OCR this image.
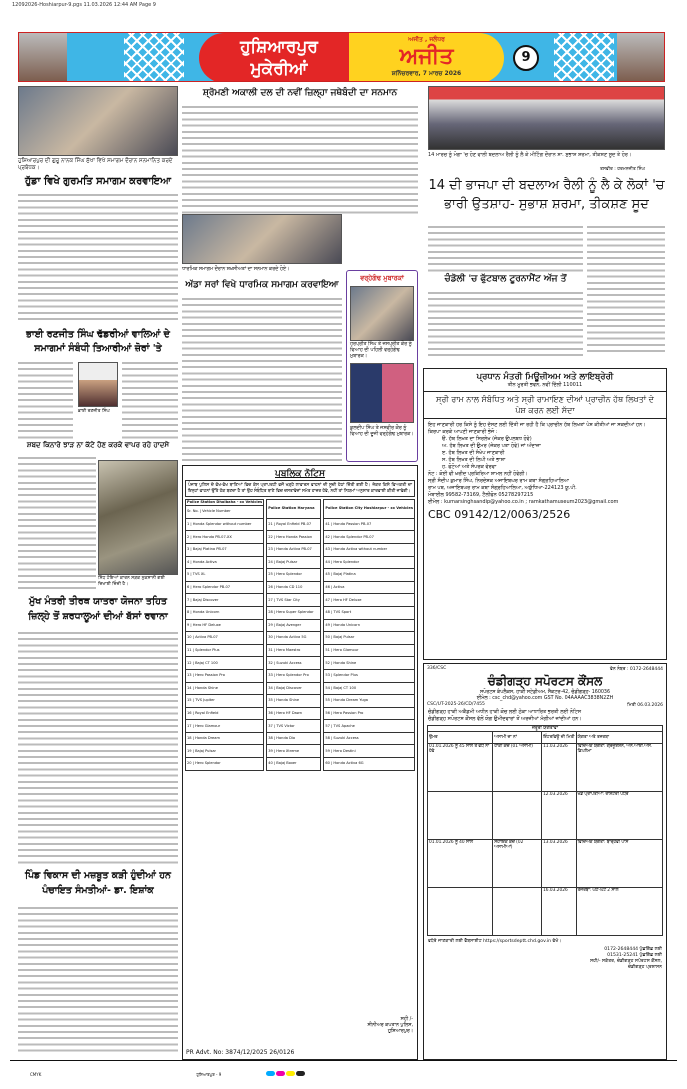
12092026-Hoshiarpur-9.pgs 11.03.2026 12:44 AM Page 9
ਹੁਸ਼ਿਆਰਪੁਰ
ਮੁਕੇਰੀਆਂ
ਅਜੀਤ , ਜਲੰਧਰ
ਅਜੀਤ
ਸ਼ਨਿੱਚਰਵਾਰ, 7 ਮਾਰਚ 2026
9
ਹੁਸ਼ਿਆਰਪੁਰ ਦੀ ਗੁਰੂ ਨਾਨਕ ਸਿੰਘ ਸੁੱਖਾ ਵਿਖੇ ਸਮਾਗਮ ਦੌਰਾਨ ਸਨਮਾਨਿਤ ਕਰਦੇ ਪ੍ਰਬੰਧਕ।
ਹੁੱਡਾ ਵਿਖੇ ਗੁਰਮਤਿ ਸਮਾਗਮ ਕਰਵਾਇਆ
ਭਾਈ ਰਣਜੀਤ ਸਿੰਘ ਢੱਡਰੀਆਂ ਵਾਲਿਆਂ ਦੇ ਸਮਾਗਮਾਂ ਸੰਬੰਧੀ ਤਿਆਰੀਆਂ ਜ਼ੋਰਾਂ 'ਤੇ
ਭਾਈ ਰਣਜੀਤ ਸਿੰਘ
ਸ਼ਬਦ ਕਿਨਾਰੇ ਝਾੜ ਨਾ ਕੱਟੇ ਹੋਣ ਕਰਕੇ ਵਾਪਰ ਰਹੇ ਹਾਦਸੇ
ਸਿੱਧ ਟੋਇਆਂ ਕਾਰਨ ਸੜਕ ਨੁਕਸਾਨੀ ਗਈ ਦਿਖਾਈ ਦਿੰਦੀ ਹੈ।
ਮੁੱਖ ਮੰਤਰੀ ਤੀਰਥ ਯਾਤਰਾ ਯੋਜਨਾ ਤਹਿਤ ਜ਼ਿਲ੍ਹੇ ਤੋਂ ਸ਼ਰਧਾਲੂਆਂ ਦੀਆਂ ਬੱਸਾਂ ਰਵਾਨਾ
ਪਿੰਡ ਵਿਕਾਸ ਦੀ ਮਜ਼ਬੂਤ ਕੜੀ ਹੁੰਦੀਆਂ ਹਨ ਪੰਚਾਇਤ ਸੰਮਤੀਆਂ- ਡਾ. ਇਸ਼ਾਂਕ
ਸ਼੍ਰੋਮਣੀ ਅਕਾਲੀ ਦਲ ਦੀ ਨਵੀਂ ਜ਼ਿਲ੍ਹਾ ਜਥੇਬੰਦੀ ਦਾ ਸਨਮਾਨ
ਧਾਰਮਿਕ ਸਮਾਗਮ ਦੌਰਾਨ ਸ਼ਖ਼ਸੀਅਤਾਂ ਦਾ ਸਨਮਾਨ ਕਰਦੇ ਹੋਏ।
ਅੱਡਾ ਸਰਾਂ ਵਿਖੇ ਧਾਰਮਿਕ ਸਮਾਗਮ ਕਰਵਾਇਆ
ਵਰ੍ਹੇਗੰਢ ਮੁਬਾਰਕਾਂ
ਹਰਪ੍ਰੀਤ ਸਿੰਘ ਤੇ ਜਸਪ੍ਰੀਤ ਕੌਰ ਨੂੰ ਵਿਆਹ ਦੀ ਪਹਿਲੀ ਵਰ੍ਹੇਗੰਢ ਮੁਬਾਰਕ।
ਕੁਲਦੀਪ ਸਿੰਘ ਤੇ ਜਸਵੀਰ ਕੌਰ ਨੂੰ ਵਿਆਹ ਦੀ ਦੂਜੀ ਵਰ੍ਹੇਗੰਢ ਮੁਬਾਰਕ।
ਪਬਲਿਕ ਨੋਟਿਸ
ਪੰਜਾਬ ਪੁਲਿਸ ਦੇ ਵੱਖ-ਵੱਖ ਥਾਣਿਆਂ ਵਿਚ ਕੇਸ ਪ੍ਰਾਪਰਟੀ ਵਜੋਂ ਖੜ੍ਹੇ ਲਾਵਾਰਸ ਵਾਹਨਾਂ ਦੀ ਸੂਚੀ ਹੇਠਾਂ ਦਿੱਤੀ ਗਈ ਹੈ। ਜੇਕਰ ਕਿਸੇ ਵਿਅਕਤੀ ਦਾ ਇਨ੍ਹਾਂ ਵਾਹਨਾਂ ਉੱਤੇ ਹੱਕ ਬਣਦਾ ਹੈ ਤਾਂ ਉਹ ਸੰਬੰਧਿਤ ਥਾਣੇ ਵਿਚ ਦਸਤਾਵੇਜ਼ਾਂ ਸਮੇਤ ਹਾਜ਼ਰ ਹੋਵੇ, ਨਹੀਂ ਤਾਂ ਨਿਯਮਾਂ ਅਨੁਸਾਰ ਕਾਰਵਾਈ ਕੀਤੀ ਜਾਵੇਗੀ।
Police Station Dholbaha - xx Vehicles
Sr. No. | Vehicle Number
1 | Honda Splendor without number
2 | Hero Honda PB-07-XX
3 | Bajaj Platina PB-07
4 | Honda Activa
5 | TVS XL
6 | Hero Splendor PB-07
7 | Bajaj Discover
8 | Honda Unicorn
9 | Hero HF Deluxe
10 | Activa PB-07
11 | Splendor Plus
12 | Bajaj CT 100
13 | Hero Passion Pro
14 | Honda Shine
15 | TVS Jupiter
16 | Royal Enfield
17 | Hero Glamour
18 | Honda Dream
19 | Bajaj Pulsar
20 | Hero Splendor
Police Station Haryana
21 | Royal Enfield PB-07
22 | Hero Honda Passion
23 | Honda Activa PB-07
24 | Bajaj Pulsar
25 | Hero Splendor
26 | Honda CD 110
27 | TVS Star City
28 | Hero Super Splendor
29 | Bajaj Avenger
30 | Honda Activa 5G
31 | Hero Maestro
32 | Suzuki Access
33 | Hero Splendor Pro
34 | Bajaj Discover
35 | Honda Shine
36 | Hero HF Dawn
37 | TVS Victor
38 | Honda Dio
39 | Hero Xtreme
40 | Bajaj Boxer
Police Station City Hoshiarpur - xx Vehicles
41 | Honda Passion PB-07
42 | Honda Splendor PB-07
43 | Honda Activa without number
44 | Hero Splendor
45 | Bajaj Platina
46 | Activa
47 | Hero HF Deluxe
48 | TVS Sport
49 | Honda Unicorn
50 | Bajaj Pulsar
51 | Hero Glamour
52 | Honda Shine
53 | Splendor Plus
54 | Bajaj CT 100
55 | Honda Dream Yuga
56 | Hero Passion Pro
57 | TVS Apache
58 | Suzuki Access
59 | Hero Destini
60 | Honda Activa 6G
ਸਹੀ /-
ਸੀਨੀਅਰ ਕਪਤਾਨ ਪੁਲਿਸ,
ਹੁਸ਼ਿਆਰਪੁਰ।
PR Advt. No: 3874/12/2025 26/0126
14 ਮਾਰਚ ਨੂੰ ਮੋਗਾ 'ਚ ਹੋਣ ਵਾਲੀ ਬਦਲਾਅ ਰੈਲੀ ਨੂੰ ਲੈ ਕੇ ਮੀਟਿੰਗ ਦੌਰਾਨ ਸ਼ਾ. ਸੁਭਾਸ਼ ਸ਼ਰਮਾ, ਤੀਕਸ਼ਣ ਸੂਦ ਤੇ ਹੋਰ।
ਤਸਵੀਰ : ਹਰਮਨਜੀਤ ਸਿੰਘ
14 ਦੀ ਭਾਜਪਾ ਦੀ ਬਦਲਾਅ ਰੈਲੀ ਨੂੰ ਲੈ ਕੇ ਲੋਕਾਂ 'ਚ ਭਾਰੀ ਉਤਸ਼ਾਹ- ਸੁਭਾਸ਼ ਸ਼ਰਮਾ, ਤੀਕਸ਼ਣ ਸੂਦ
ਚੰਡੋਲੀ 'ਚ ਫੁੱਟਬਾਲ ਟੂਰਨਾਮੈਂਟ ਅੱਜ ਤੋਂ
ਪ੍ਰਧਾਨ ਮੰਤਰੀ ਮਿਊਜ਼ੀਅਮ ਅਤੇ ਲਾਇਬ੍ਰੇਰੀ
ਤੀਨ ਮੂਰਤੀ ਭਵਨ, ਨਵੀਂ ਦਿੱਲੀ 110011
ਸ੍ਰੀ ਰਾਮ ਨਾਲ ਸੰਬੰਧਿਤ ਅਤੇ ਸ੍ਰੀ ਰਾਮਾਇਣ ਦੀਆਂ ਪ੍ਰਾਚੀਨ ਹੱਥ ਲਿਖਤਾਂ ਦੇ ਪੇਸ਼ ਕਰਨ ਲਈ ਸੱਦਾ
ਇਹ ਜਾਣਕਾਰੀ ਹਰ ਕਿਸੇ ਨੂੰ ਇਹ ਦੱਸਣ ਲਈ ਦਿੱਤੀ ਜਾ ਰਹੀ ਹੈ ਕਿ ਪ੍ਰਾਚੀਨ ਹੱਥ ਲਿਖਤਾਂ ਪੇਸ਼ ਕੀਤੀਆਂ ਜਾ ਸਕਦੀਆਂ ਹਨ।
ਕਿਰਪਾ ਕਰਕੇ ਆਪਣੀ ਜਾਣਕਾਰੀ ਭੇਜੋ :
ੳ. ਹੱਥ ਲਿਖਤ ਦਾ ਸਿਰਲੇਖ (ਜੇਕਰ ਉਪਲਬਧ ਹੋਵੇ)
ਅ. ਹੱਥ ਲਿਖਤ ਦੀ ਉਮਰ (ਜੇਕਰ ਪਤਾ ਹੋਵੇ) ਜਾਂ ਅੰਦਾਜ਼ਾ
ੲ. ਹੱਥ ਲਿਖਤ ਦੀ ਸੰਖੇਪ ਜਾਣਕਾਰੀ
ਸ. ਹੱਥ ਲਿਖਤ ਦੀ ਲਿਪੀ ਅਤੇ ਭਾਸ਼ਾ
ਹ. ਫੋਟੋਆਂ ਅਤੇ ਸੰਪਰਕ ਵੇਰਵਾ
ਨੋਟ : ਕੋਈ ਵੀ ਖ਼ਰੀਦ ਪ੍ਰਕਿਰਿਆ ਸ਼ਾਮਲ ਨਹੀਂ ਹੋਵੇਗੀ।
ਸ੍ਰੀ ਸੰਦੀਪ ਕੁਮਾਰ ਸਿੰਘ, ਨਿਰਦੇਸ਼ਕ ਅਜਾਇਬਘਰ ਰਾਮ ਕਥਾ ਸੰਗ੍ਰਹਿਆਲਿਆ
ਰਾਮ ਪਥ, ਅਜਾਇਬਘਰ ਰਾਮ ਕਥਾ ਸੰਗ੍ਰਹਿਆਲਿਆ, ਅਯੁੱਧਿਆ-224123 ਯੂ.ਪੀ.
ਮੋਬਾਈਲ 99582-73169, ਟੈਲੀਫੋਨ 05278297215
ਈਮੇਲ : kumarsinghsandip@yahoo.co.in ; ramkathamuseum2023@gmail.com
CBC 09142/12/0063/2526
336/CSC	ਫੋਨ ਨੰਬਰ : 0172-2648444
ਚੰਡੀਗੜ੍ਹ ਸਪੋਰਟਸ ਕੌਂਸਲ
ਸਪੋਰਟਸ ਕੰਪਲੈਕਸ, ਹਾਕੀ ਸਟੇਡੀਅਮ, ਸੈਕਟਰ-42, ਚੰਡੀਗੜ੍ਹ- 160036
ਈਮੇਲ : csc_chd@yahoo.com GST No. 04AAAAC3838N2ZH
CSC/UT-2025-26/CD/7455	ਮਿਤੀ 06.03.2026
ਚੰਡੀਗੜ੍ਹ ਹਾਕੀ ਅਕੈਡਮੀ ਅਧੀਨ ਹਾਕੀ ਕੋਚ ਲਈ ਠੇਕਾ ਆਧਾਰਿਤ ਭਰਤੀ ਲਈ ਨੋਟਿਸ
ਚੰਡੀਗੜ੍ਹ ਸਪੋਰਟਸ ਕੌਂਸਲ ਵੱਲੋਂ ਯੋਗ ਉਮੀਦਵਾਰਾਂ ਤੋਂ ਅਰਜ਼ੀਆਂ ਮੰਗੀਆਂ ਜਾਂਦੀਆਂ ਹਨ।
ਜ਼ਰੂਰੀ ਯੋਗਤਾਵਾਂ			
ਉਮਰ	ਅਸਾਮੀ ਦਾ ਨਾਂ	ਇੰਟਰਵਿਊ ਦੀ ਮਿਤੀ	ਯੋਗਤਾ ਅਤੇ ਤਜਰਬਾ
01.01.2026 ਨੂੰ 45 ਸਾਲ ਤੋਂ ਵੱਧ ਨਾ ਹੋਵੇ	ਹਾਕੀ ਕੋਚ (01 ਅਸਾਮੀ)	11.03.2026	ਵਿੱਦਿਅਕ ਯੋਗਤਾ: ਗ੍ਰੈਜੂਏਸ਼ਨ, ਐੱਨ.ਆਈ.ਐੱਸ. ਡਿਪਲੋਮਾ
		12.03.2026	ਖੇਡ ਪ੍ਰਾਪਤੀਆਂ: ਰਾਸ਼ਟਰੀ ਪੱਧਰ
01.01.2026 ਨੂੰ 40 ਸਾਲ	ਸਹਾਇਕ ਕੋਚ (02 ਅਸਾਮੀਆਂ)	13.03.2026	ਵਿੱਦਿਅਕ ਯੋਗਤਾ: ਬਾਰ੍ਹਵੀਂ ਪਾਸ
		16.03.2026	ਤਜਰਬਾ: ਘੱਟੋ-ਘੱਟ 2 ਸਾਲ
ਵਧੇਰੇ ਜਾਣਕਾਰੀ ਲਈ ਵੈੱਬਸਾਈਟ https://sportsdeptt.chd.gov.in ਵੇਖੋ।
0172-2648444 ਪੁੱਛਗਿੱਛ ਲਈ
01531-25241 ਪੁੱਛਗਿੱਛ ਲਈ
ਸਹੀ/- ਸਕੱਤਰ, ਚੰਡੀਗੜ੍ਹ ਸਪੋਰਟਸ ਕੌਂਸਲ,
ਚੰਡੀਗੜ੍ਹ ਪ੍ਰਸ਼ਾਸਨ
CMYK	ਹੁਸ਼ਿਆਰਪੁਰ - 9
